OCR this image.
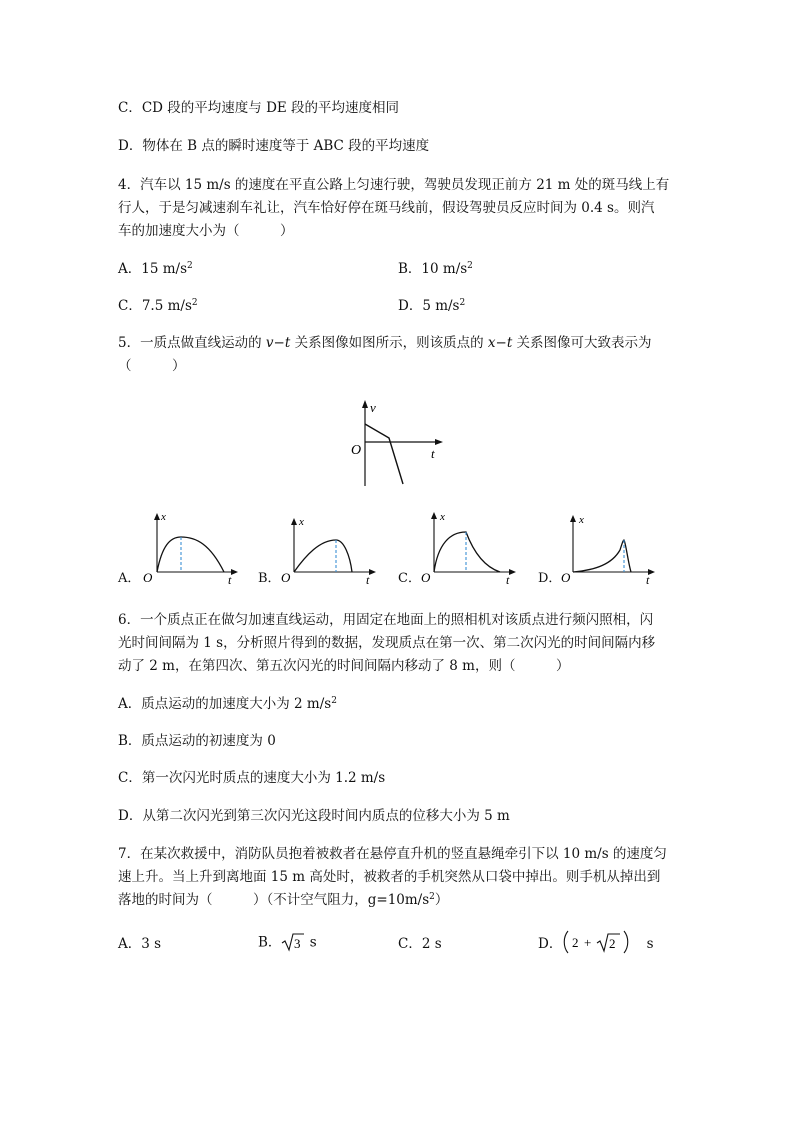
C．CD 段的平均速度与 DE 段的平均速度相同
D．物体在 B 点的瞬时速度等于 ABC 段的平均速度
4．汽车以 15 m/s 的速度在平直公路上匀速行驶，驾驶员发现正前方 21 m 处的斑马线上有
行人，于是匀减速刹车礼让，汽车恰好停在斑马线前，假设驾驶员反应时间为 0.4 s。则汽
车的加速度大小为（　　　）
A．15 $m/s^2$	B．10 $m/s^2$
C．7.5 $m/s^2$	D．5 $m/s^2$
5．一质点做直线运动的 v−t 关系图像如图所示，则该质点的 x−t 关系图像可大致表示为
（　　　）
v
O	t
A．
x
O	t B．
x
O	t C．
x
O	t D．
x
O	t
6．一个质点正在做匀加速直线运动，用固定在地面上的照相机对该质点进行频闪照相，闪
光时间间隔为 1 s，分析照片得到的数据，发现质点在第一次、第二次闪光的时间间隔内移
动了 2 m，在第四次、第五次闪光的时间间隔内移动了 8 m，则（　　　）
A．质点运动的加速度大小为 2 $m/s^2$
B．质点运动的初速度为 0
C．第一次闪光时质点的速度大小为 1.2 m/s
D．从第二次闪光到第三次闪光这段时间内质点的位移大小为 5 m
7．在某次救援中，消防队员抱着被救者在悬停直升机的竖直悬绳牵引下以 10 m/s 的速度匀
速上升。当上升到离地面 15 m 高处时，被救者的手机突然从口袋中掉出。则手机从掉出到
落地的时间为（　　　）（不计空气阻力，$g=10m/s^2$）
A．3 s	B． 3 s	C．2 s	D． 2 + 2 s
